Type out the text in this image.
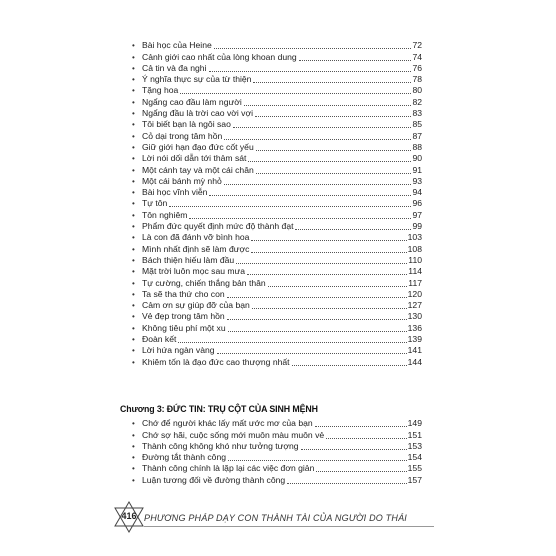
• Bài học của Heine	72
• Cảnh giới cao nhất của lòng khoan dung	74
• Cả tin và đa nghi	76
• Ý nghĩa thực sự của từ thiện	78
• Tặng hoa	80
• Ngẩng cao đầu làm người	82
• Ngẩng đầu là trời cao vời vợi	83
• Tôi biết bạn là ngôi sao	85
• Cỏ dại trong tâm hồn	87
• Giữ giới hạn đạo đức cốt yếu	88
• Lời nói dối dẫn tới thảm sát	90
• Một cánh tay và một cái chân	91
• Một cái bánh mỳ nhỏ	93
• Bài học vĩnh viễn	94
• Tự tôn	96
• Tôn nghiêm	97
• Phẩm đức quyết định mức độ thành đạt	99
• Là con đã đánh vỡ bình hoa	103
• Mình nhất định sẽ làm được	108
• Bách thiện hiếu làm đầu	110
• Mặt trời luôn mọc sau mưa	114
• Tự cường, chiến thắng bản thân	117
• Ta sẽ tha thứ cho con	120
• Cảm ơn sự giúp đỡ của bạn	127
• Vẻ đẹp trong tâm hồn	130
• Không tiêu phí một xu	136
• Đoàn kết	139
• Lời hứa ngàn vàng	141
• Khiêm tốn là đạo đức cao thượng nhất	144
Chương 3: ĐỨC TIN: TRỤ CỘT CỦA SINH MỆNH
• Chớ để người khác lấy mất ước mơ của bạn	149
• Chớ sợ hãi, cuộc sống mới muôn màu muôn vẻ	151
• Thành công không khó như tưởng tượng	153
• Đường tắt thành công	154
• Thành công chính là lặp lại các việc đơn giản	155
• Luận tương đối về đường thành công	157
416 PHƯƠNG PHÁP DẠY CON THÀNH TÀI CỦA NGƯỜI DO THÁI
